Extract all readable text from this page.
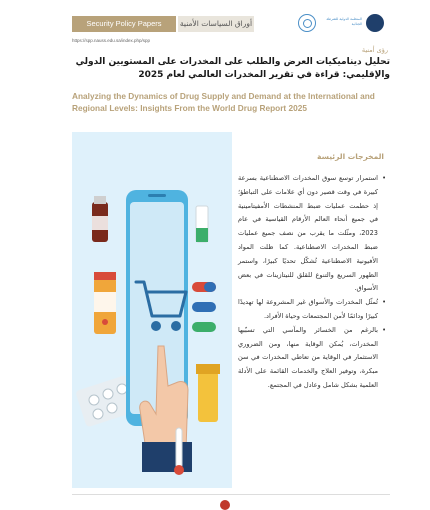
Security Policy Papers	أوراق السياسات الأمنية	المنظمة الدولية للشرطة الجنائية
https://spp.nauss.edu.sa/index.php/spp
رؤى أمنية
تحليل ديناميكيات العرض والطلب على المخدرات على المستويين الدولي والإقليمي: قراءة في تقرير المخدرات العالمي لعام 2025
Analyzing the Dynamics of Drug Supply and Demand at the International and Regional Levels: Insights From the World Drug Report 2025
المخرجات الرئيسة
• استمرار توسع سوق المخدرات الاصطناعية بسرعة كبيرة في وقت قصير دون أي علامات على التباطؤ؛ إذ حطمت عمليات ضبط المنشطات الأمفيتامينية في جميع أنحاء العالم الأرقام القياسية في عام 2023، ومثّلت ما يقرب من نصف جميع عمليات ضبط المخدرات الاصطناعية. كما ظلت المواد الأفيونية الاصطناعية تُشكّل تحديًا كبيرًا، واستمر الظهور السريع والتنوع للقلق للنيتازينات في بعض الأسواق.
• تُمثّل المخدرات والأسواق غير المشروعة لها تهديدًا كبيرًا ودائمًا لأمن المجتمعات وحياة الأفراد.
• بالرغم من الخسائر والمآسي التي تسبّبها المخدرات، يُمكن الوقاية منها، ومن الضروري الاستثمار في الوقاية من تعاطي المخدرات في سن مبكرة، وتوفير العلاج والخدمات القائمة على الأدلة العلمية بشكل شامل وعادل في المجتمع.
